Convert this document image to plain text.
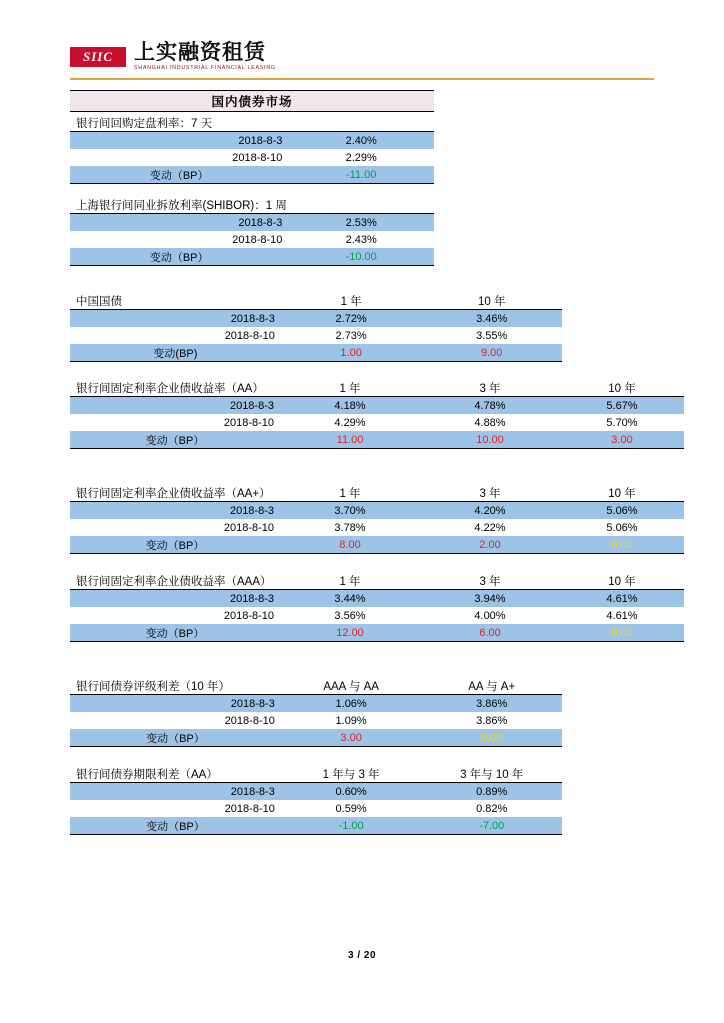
SIIC 上实融资租赁
SHANGHAI INDUSTRIAL FINANCIAL LEASING
国内债券市场
银行间回购定盘利率：7 天	
2018-8-3	2.40%
2018-8-10	2.29%
变动（BP）	-11.00
上海银行间同业拆放利率(SHIBOR)：1 周	
2018-8-3	2.53%
2018-8-10	2.43%
变动（BP）	-10.00
中国国债	1 年	10 年
2018-8-3	2.72%	3.46%
2018-8-10	2.73%	3.55%
变动(BP)	1.00	9.00
银行间固定利率企业债收益率（AA）	1 年	3 年	10 年
2018-8-3	4.18%	4.78%	5.67%
2018-8-10	4.29%	4.88%	5.70%
变动（BP）	11.00	10.00	3.00
银行间固定利率企业债收益率（AA+）	1 年	3 年	10 年
2018-8-3	3.70%	4.20%	5.06%
2018-8-10	3.78%	4.22%	5.06%
变动（BP）	8.00	2.00	0.00
银行间固定利率企业债收益率（AAA）	1 年	3 年	10 年
2018-8-3	3.44%	3.94%	4.61%
2018-8-10	3.56%	4.00%	4.61%
变动（BP）	12.00	6.00	0.00
银行间债券评级利差（10 年）	AAA 与 AA	AA 与 A+
2018-8-3	1.06%	3.86%
2018-8-10	1.09%	3.86%
变动（BP）	3.00	0.00
银行间债券期限利差（AA）	1 年与 3 年	3 年与 10 年
2018-8-3	0.60%	0.89%
2018-8-10	0.59%	0.82%
变动（BP）	-1.00	-7.00
3 / 20
